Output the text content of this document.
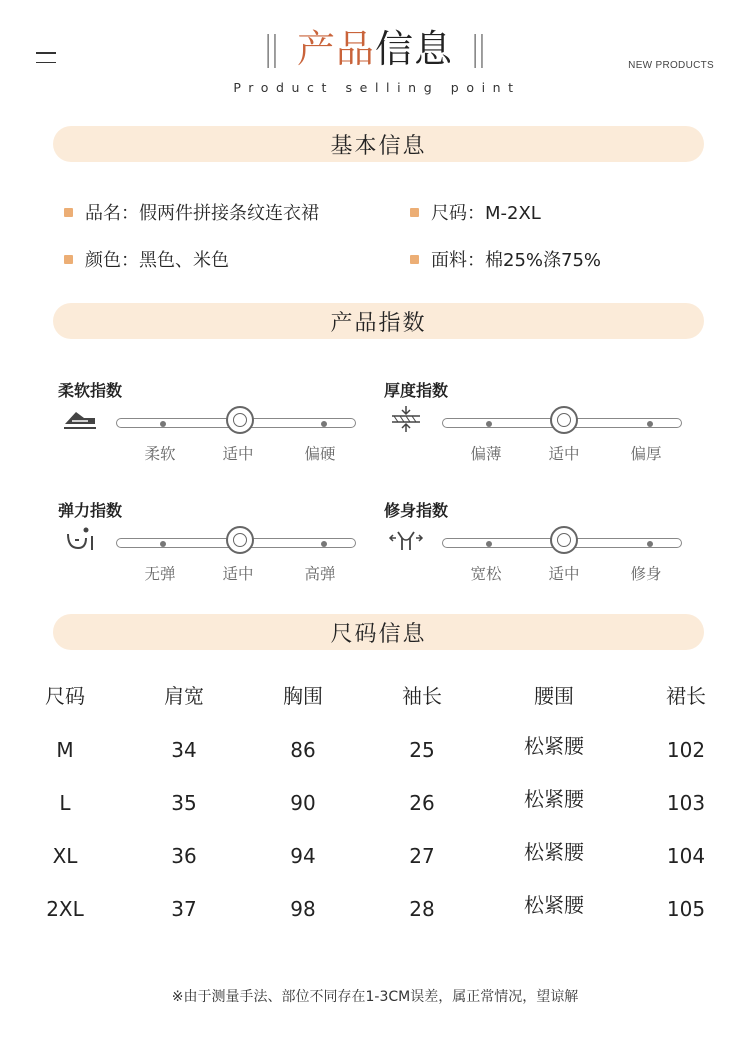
|| 产品信息 ||
Product selling point
NEW PRODUCTS
基本信息
品名：假两件拼接条纹连衣裙	尺码：M-2XL
颜色：黑色、米色	面料：棉25%涤75%
产品指数
柔软指数
柔软	适中	偏硬
厚度指数
偏薄	适中	偏厚
弹力指数
无弹	适中	高弹
修身指数
宽松	适中	修身
尺码信息
尺码	肩宽	胸围	袖长	腰围	裙长
M	34	86	25	松紧腰	102
L	35	90	26	松紧腰	103
XL	36	94	27	松紧腰	104
2XL	37	98	28	松紧腰	105
※由于测量手法、部位不同存在1-3CM误差，属正常情况，望谅解
